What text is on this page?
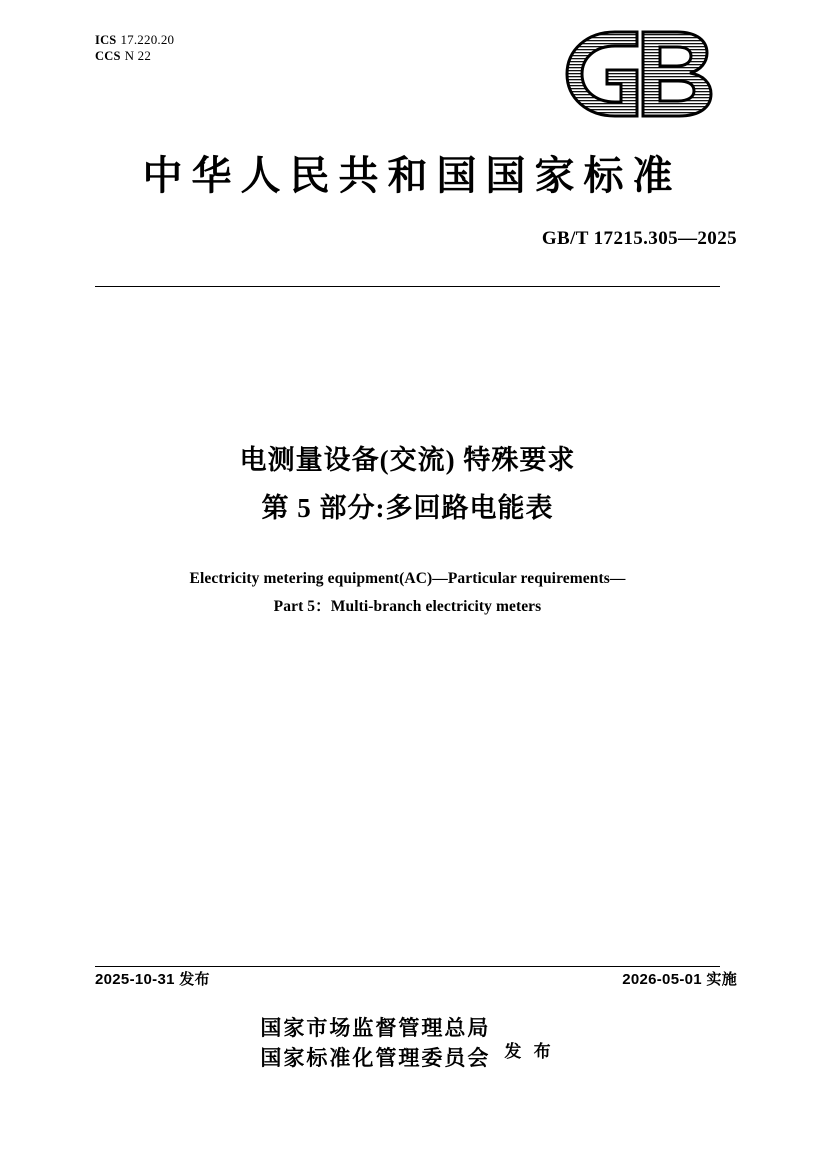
ICS 17.220.20
CCS N 22
中华人民共和国国家标准
GB/T 17215.305—2025
电测量设备(交流) 特殊要求
第 5 部分:多回路电能表
Electricity metering equipment(AC)—Particular requirements—
Part 5：Multi-branch electricity meters
2025-10-31 发布	2026-05-01 实施
国家市场监督管理总局
国家标准化管理委员会 发 布
